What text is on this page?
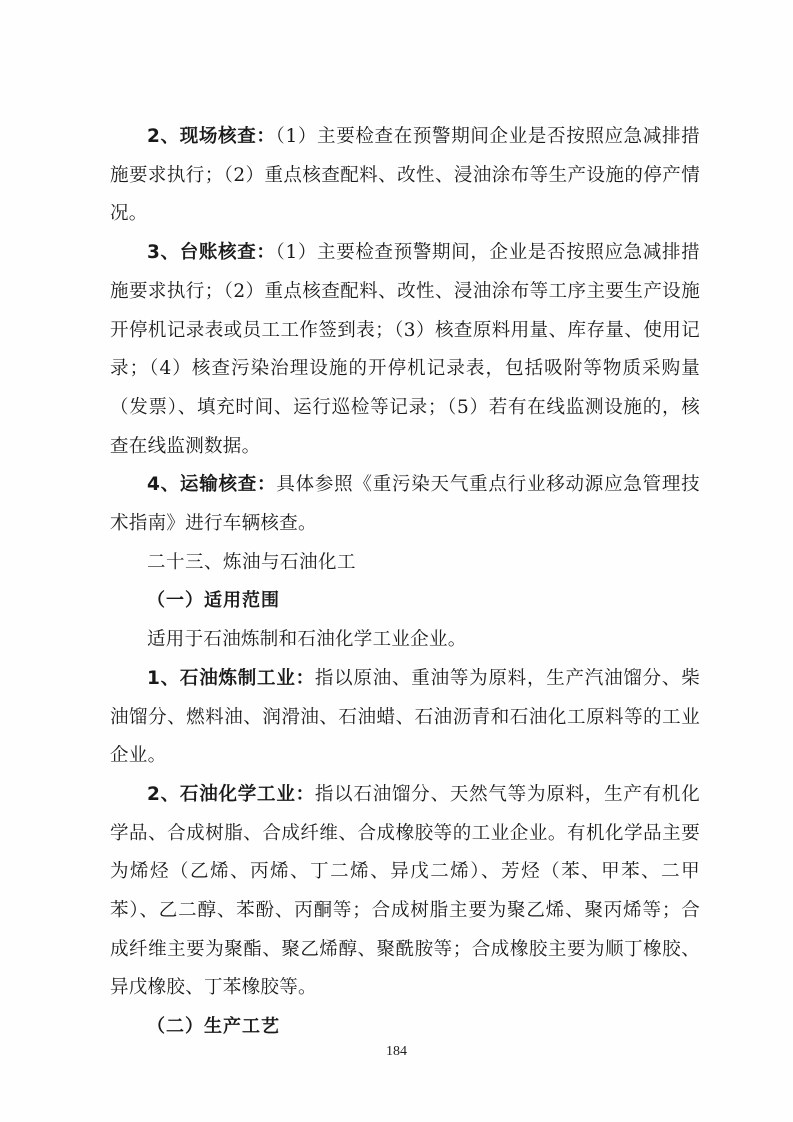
2、现场核查：（1）主要检查在预警期间企业是否按照应急减排措施要求执行；（2）重点核查配料、改性、浸油涂布等生产设施的停产情况。

3、台账核查：（1）主要检查预警期间，企业是否按照应急减排措施要求执行；（2）重点核查配料、改性、浸油涂布等工序主要生产设施开停机记录表或员工工作签到表；（3）核查原料用量、库存量、使用记录；（4）核查污染治理设施的开停机记录表，包括吸附等物质采购量（发票）、填充时间、运行巡检等记录；（5）若有在线监测设施的，核查在线监测数据。

4、运输核查：具体参照《重污染天气重点行业移动源应急管理技术指南》进行车辆核查。

二十三、炼油与石油化工

（一）适用范围

适用于石油炼制和石油化学工业企业。

1、石油炼制工业：指以原油、重油等为原料，生产汽油馏分、柴油馏分、燃料油、润滑油、石油蜡、石油沥青和石油化工原料等的工业企业。

2、石油化学工业：指以石油馏分、天然气等为原料，生产有机化学品、合成树脂、合成纤维、合成橡胶等的工业企业。有机化学品主要为烯烃（乙烯、丙烯、丁二烯、异戊二烯）、芳烃（苯、甲苯、二甲苯）、乙二醇、苯酚、丙酮等；合成树脂主要为聚乙烯、聚丙烯等；合成纤维主要为聚酯、聚乙烯醇、聚酰胺等；合成橡胶主要为顺丁橡胶、异戊橡胶、丁苯橡胶等。

（二）生产工艺

184
